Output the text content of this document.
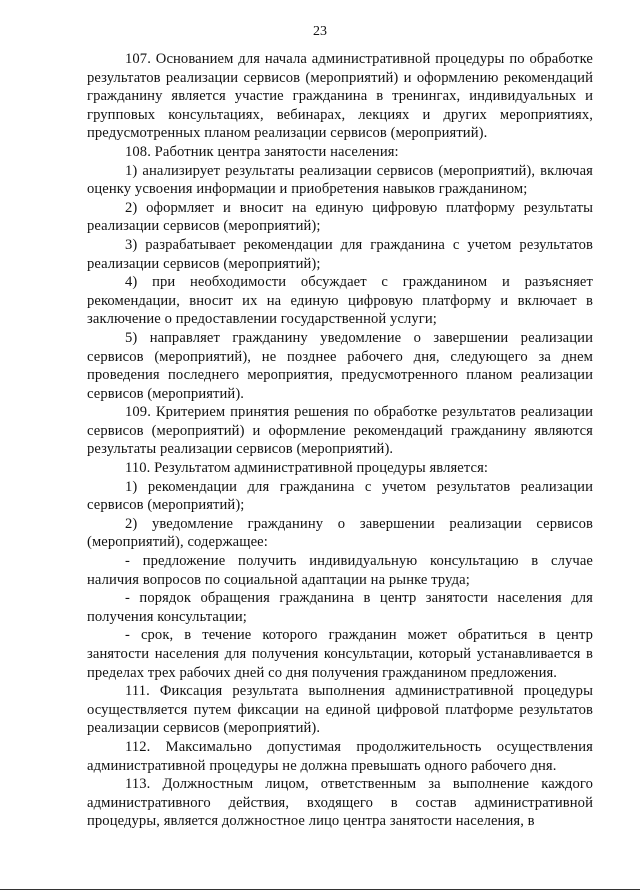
23

107. Основанием для начала административной процедуры по обработке результатов реализации сервисов (мероприятий) и оформлению рекомендаций гражданину является участие гражданина в тренингах, индивидуальных и групповых консультациях, вебинарах, лекциях и других мероприятиях, предусмотренных планом реализации сервисов (мероприятий).

108. Работник центра занятости населения:

1) анализирует результаты реализации сервисов (мероприятий), включая оценку усвоения информации и приобретения навыков гражданином;

2) оформляет и вносит на единую цифровую платформу результаты реализации сервисов (мероприятий);

3) разрабатывает рекомендации для гражданина с учетом результатов реализации сервисов (мероприятий);

4) при необходимости обсуждает с гражданином и разъясняет рекомендации, вносит их на единую цифровую платформу и включает в заключение о предоставлении государственной услуги;

5) направляет гражданину уведомление о завершении реализации сервисов (мероприятий), не позднее рабочего дня, следующего за днем проведения последнего мероприятия, предусмотренного планом реализации сервисов (мероприятий).

109. Критерием принятия решения по обработке результатов реализации сервисов (мероприятий) и оформление рекомендаций гражданину являются результаты реализации сервисов (мероприятий).

110. Результатом административной процедуры является:

1) рекомендации для гражданина с учетом результатов реализации сервисов (мероприятий);

2) уведомление гражданину о завершении реализации сервисов (мероприятий), содержащее:

- предложение получить индивидуальную консультацию в случае наличия вопросов по социальной адаптации на рынке труда;

- порядок обращения гражданина в центр занятости населения для получения консультации;

- срок, в течение которого гражданин может обратиться в центр занятости населения для получения консультации, который устанавливается в пределах трех рабочих дней со дня получения гражданином предложения.

111. Фиксация результата выполнения административной процедуры осуществляется путем фиксации на единой цифровой платформе результатов реализации сервисов (мероприятий).

112. Максимально допустимая продолжительность осуществления административной процедуры не должна превышать одного рабочего дня.

113. Должностным лицом, ответственным за выполнение каждого административного действия, входящего в состав административной процедуры, является должностное лицо центра занятости населения, в
